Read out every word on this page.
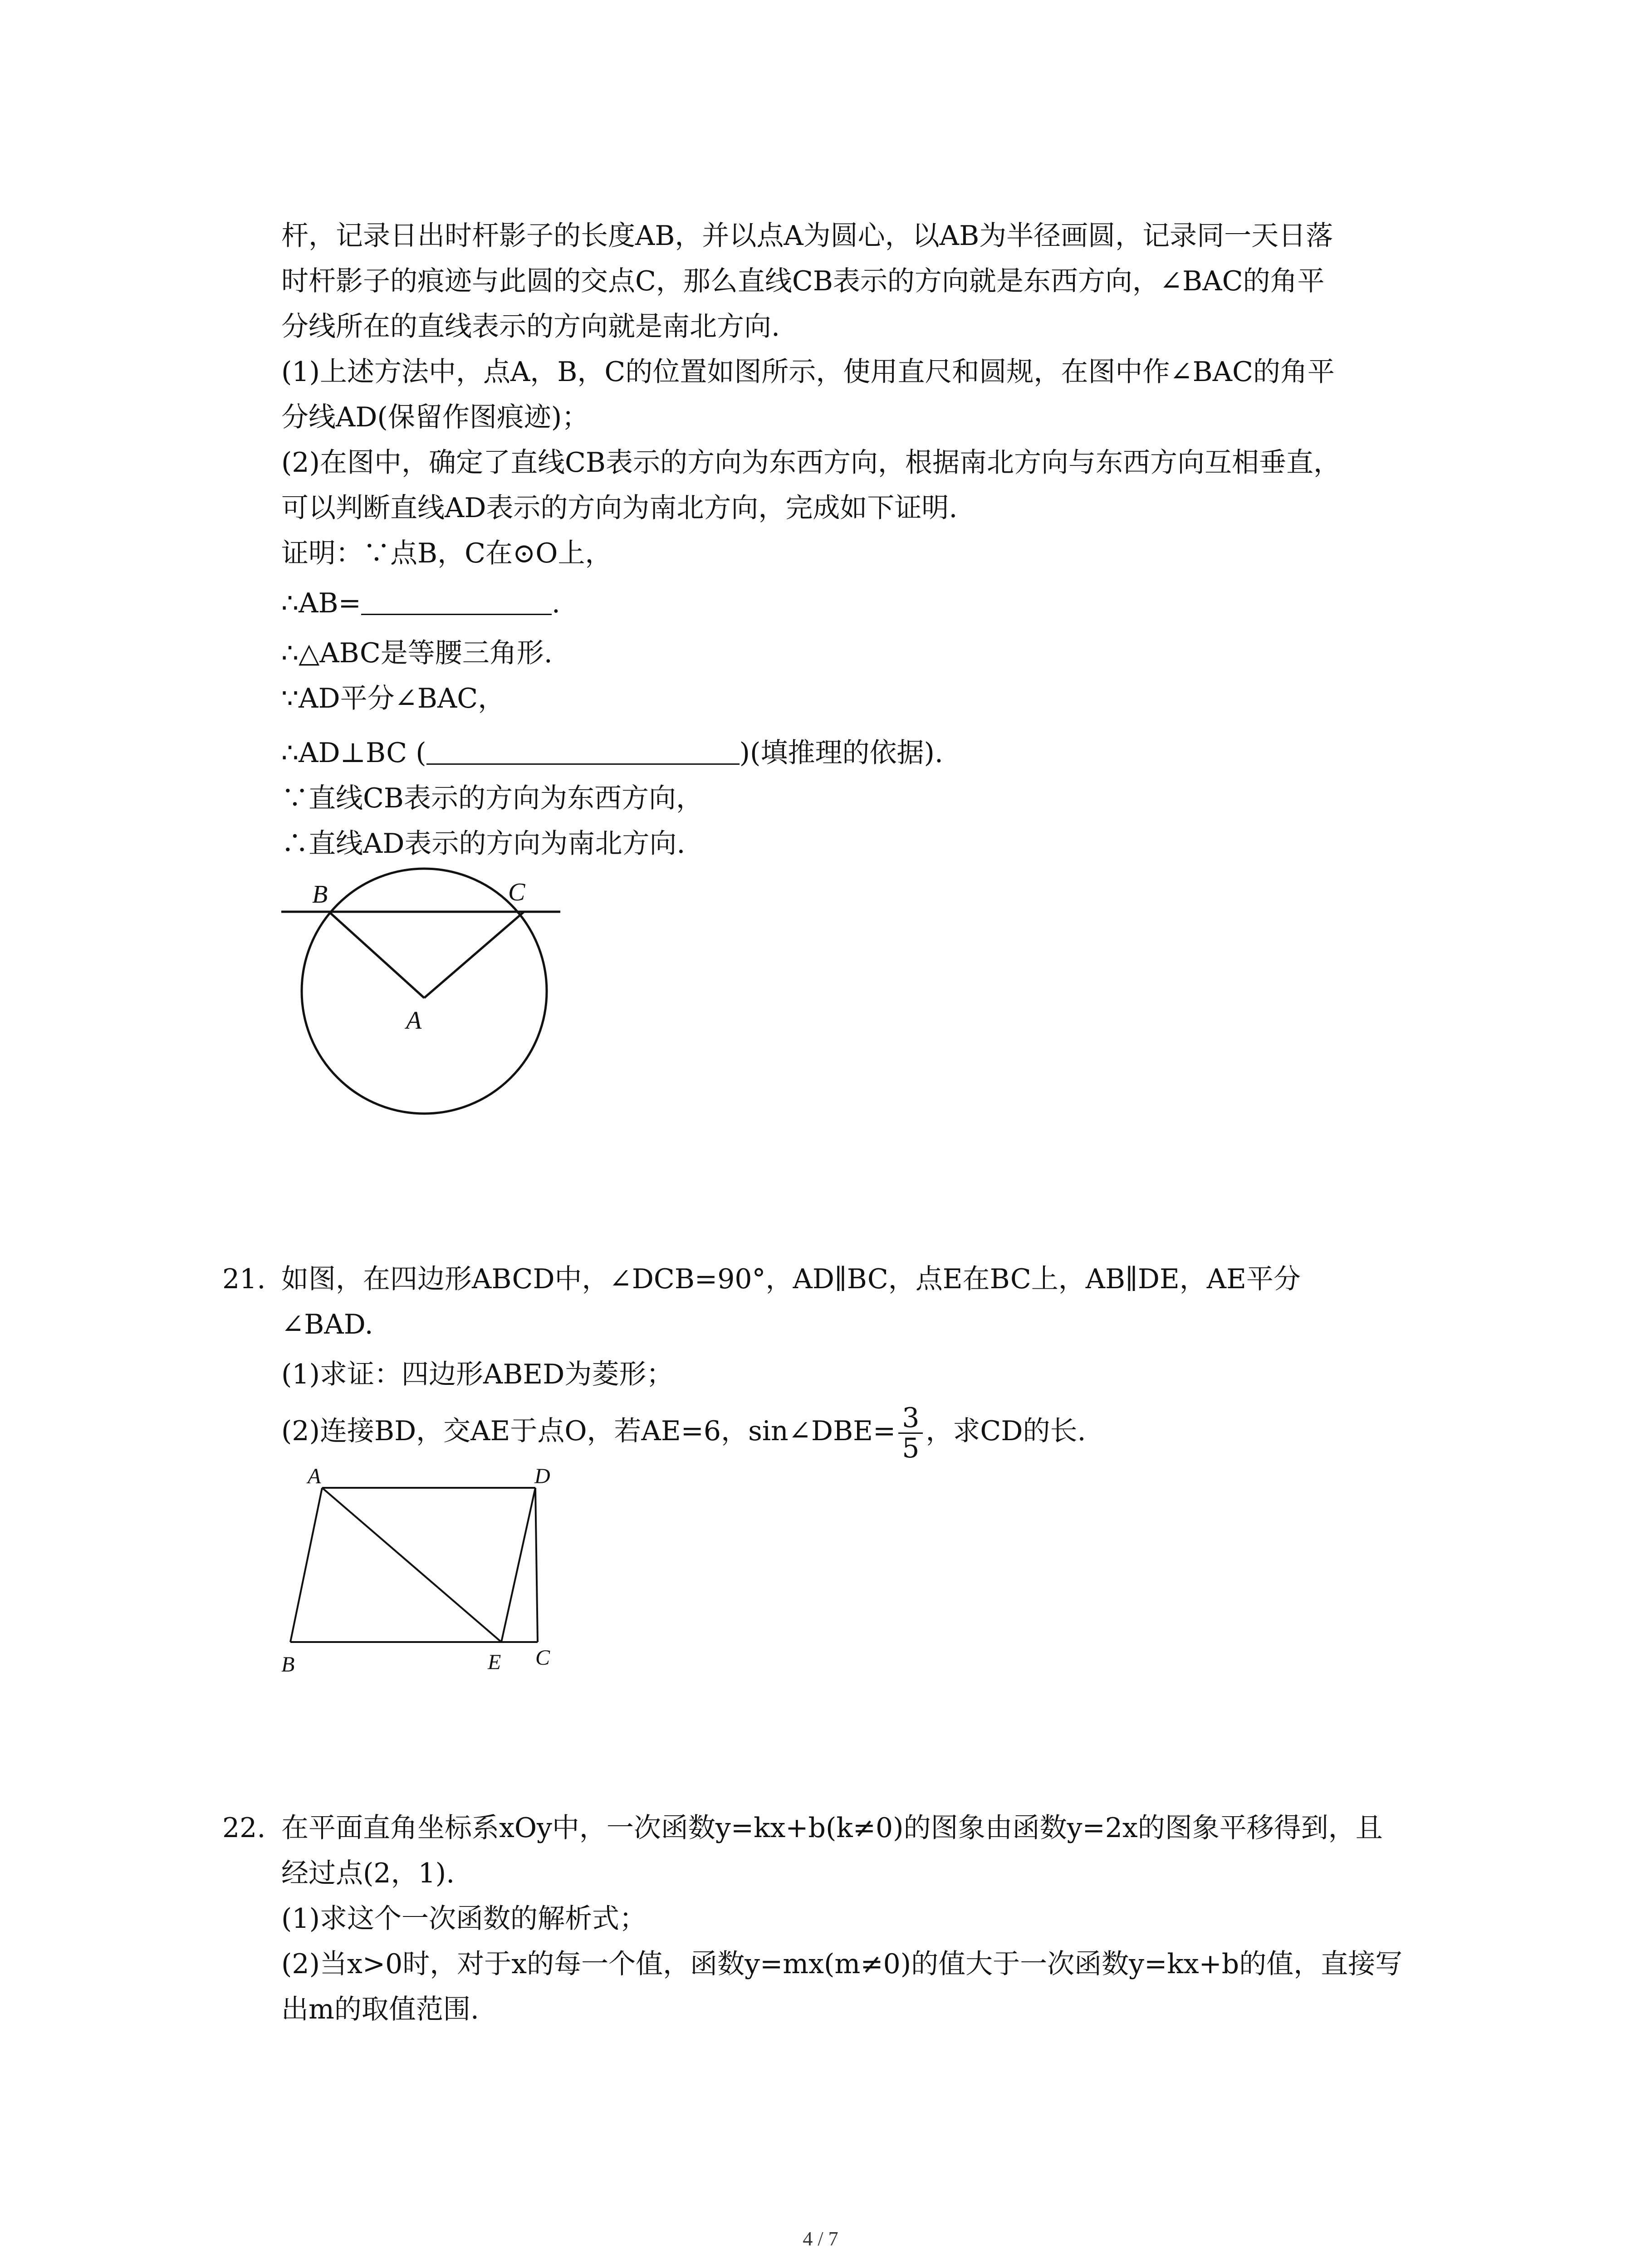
杆，记录日出时杆影子的长度AB，并以点A为圆心，以AB为半径画圆，记录同一天日落
时杆影子的痕迹与此圆的交点C，那么直线CB表示的方向就是东西方向，∠BAC的角平
分线所在的直线表示的方向就是南北方向.
(1)上述方法中，点A，B，C的位置如图所示，使用直尺和圆规，在图中作∠BAC的角平
分线AD(保留作图痕迹)；
(2)在图中，确定了直线CB表示的方向为东西方向，根据南北方向与东西方向互相垂直，
可以判断直线AD表示的方向为南北方向，完成如下证明.
证明：∵点B，C在⊙O上，
∴AB=	.
∴△ABC是等腰三角形.
∵AD平分∠BAC，
∴AD⊥BC (	)(填推理的依据).
∵直线CB表示的方向为东西方向，
∴直线AD表示的方向为南北方向.
B	C
A
21. 如图，在四边形ABCD中，∠DCB=90°，AD∥BC，点E在BC上，AB∥DE，AE平分
∠BAD.
(1)求证：四边形ABED为菱形；
(2)连接BD，交AE于点O，若AE=6，sin∠DBE= $\frac{3}{5}$ ，求CD的长.
A	D
B	E C
22. 在平面直角坐标系xOy中，一次函数y=kx+b(k≠0)的图象由函数y=2x的图象平移得到，且
经过点(2，1).
(1)求这个一次函数的解析式；
(2)当x>0时，对于x的每一个值，函数y=mx(m≠0)的值大于一次函数y=kx+b的值，直接写
出m的取值范围.
4 / 7
